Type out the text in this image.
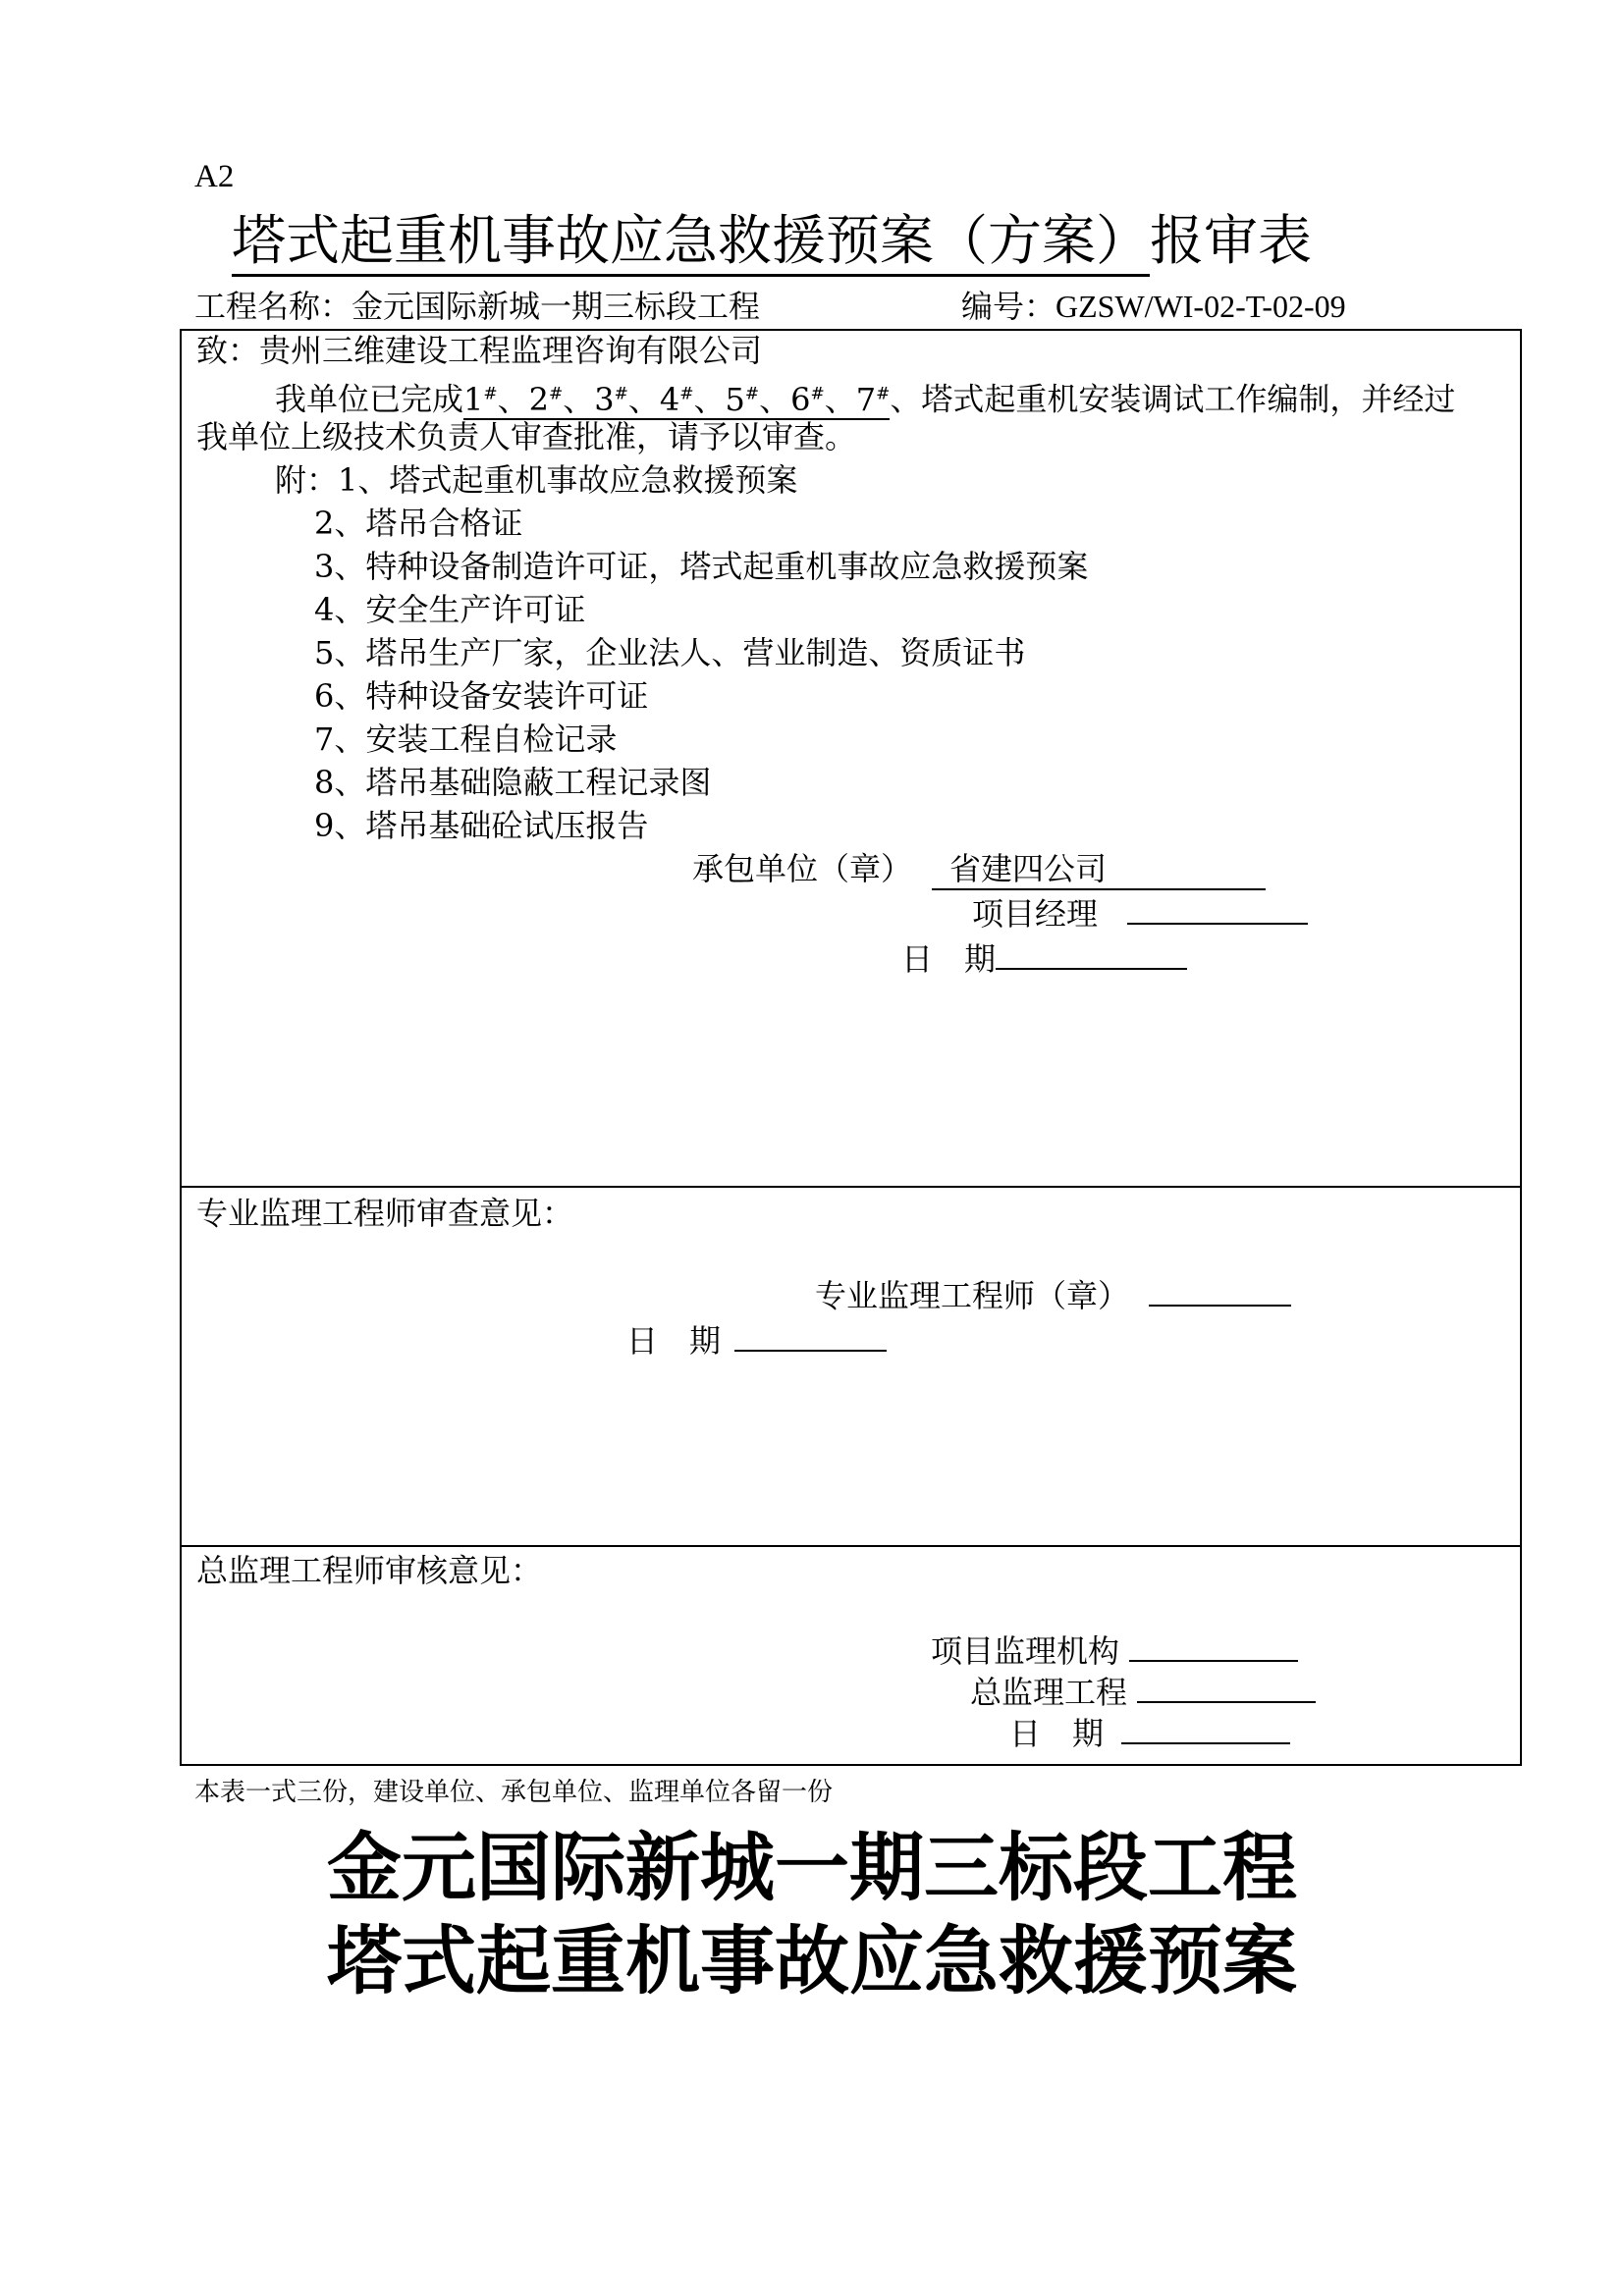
A2
塔式起重机事故应急救援预案（方案）报审表
工程名称：金元国际新城一期三标段工程	编号：GZSW/WI-02-T-02-09
致：贵州三维建设工程监理咨询有限公司
我单位已完成1#、2#、3#、4#、5#、6#、7#、塔式起重机安装调试工作编制，并经过
我单位上级技术负责人审查批准，请予以审查。
附：1、塔式起重机事故应急救援预案
2、塔吊合格证
3、特种设备制造许可证，塔式起重机事故应急救援预案
4、安全生产许可证
5、塔吊生产厂家，企业法人、营业制造、资质证书
6、特种设备安装许可证
7、安装工程自检记录
8、塔吊基础隐蔽工程记录图
9、塔吊基础砼试压报告
承包单位（章） 省建四公司
项目经理
日　期
专业监理工程师审查意见：
专业监理工程师（章）
日　期
总监理工程师审核意见：
项目监理机构
总监理工程
日　期
本表一式三份，建设单位、承包单位、监理单位各留一份
金元国际新城一期三标段工程
塔式起重机事故应急救援预案
